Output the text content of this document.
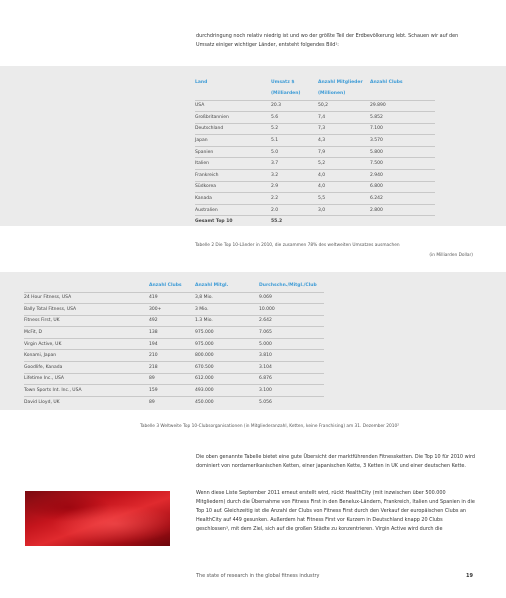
durchdringung noch relativ niedrig ist und wo der größte Teil der Erdbevölkerung lebt. Schauen wir auf den Umsatz einiger wichtiger Länder, entsteht folgendes Bild¹:

Land	Umsatz $	Anzahl Mitglieder	Anzahl Clubs
	(Milliarden)	(Millionen)	
USA	20.3	50,2	29.890
Großbritannien	5.6	7,4	5.852
Deutschland	5.2	7,3	7.100
Japan	5.1	4,3	3.570
Spanien	5.0	7,9	5.800
Italien	3.7	5,2	7.500
Frankreich	3.2	4,0	2.940
Südkorea	2.9	4,0	6.800
Kanada	2.2	5,5	6.242
Australien	2.0	3,0	2.800
Gesamt Top 10	55.2		
Tabelle 2 Die Top 10-Länder in 2010, die zusammen 78% des weltweiten Umsatzes ausmachen
(in Milliarden Dollar)
	Anzahl Clubs	Anzahl Mitgl.	Durchschn./Mitgl./Club
24 Hour Fitness, USA	419	3,8 Mio.	9.069
Bally Total Fitness, USA	300+	3 Mio.	10.000
Fitness First, UK	492	1.3 Mio.	2.642
McFit, D	138	975.000	7.065
Virgin Active, UK	194	975.000	5.000
Konami, Japan	210	800.000	3.810
Goodlife, Kanada	218	670.500	3.104
Lifetime Inc., USA	89	612.000	6.876
Town Sports Int. Inc., USA	159	493.000	3.100
David Lloyd, UK	89	450.000	5.056
Tabelle 3 Weltweite Top 10-Clubsorganisationen (in Mitgliederanzahl, Ketten, keine Franchising) am 31. Dezember 2010²

Die oben genannte Tabelle bietet eine gute Übersicht der marktführenden Fitnessketten. Die Top 10 für 2010 wird dominiert von nordamerikanischen Ketten, einer japanischen Kette, 3 Ketten in UK und einer deutschen Kette.

Wenn diese Liste September 2011 erneut erstellt wird, rückt HealthCity (mit inzwischen über 500.000 Mitgliedern) durch die Übernahme von Fitness First in den Benelux-Ländern, Frankreich, Italien und Spanien in die Top 10 auf. Gleichzeitig ist die Anzahl der Clubs von Fitness First durch den Verkauf der europäischen Clubs an HealthCity auf 449 gesunken. Außerdem hat Fitness First vor Kurzem in Deutschland knapp 20 Clubs geschlossen³, mit dem Ziel, sich auf die großen Städte zu konzentrieren. Virgin Active wird durch die

The state of research in the global fitness industry	19
